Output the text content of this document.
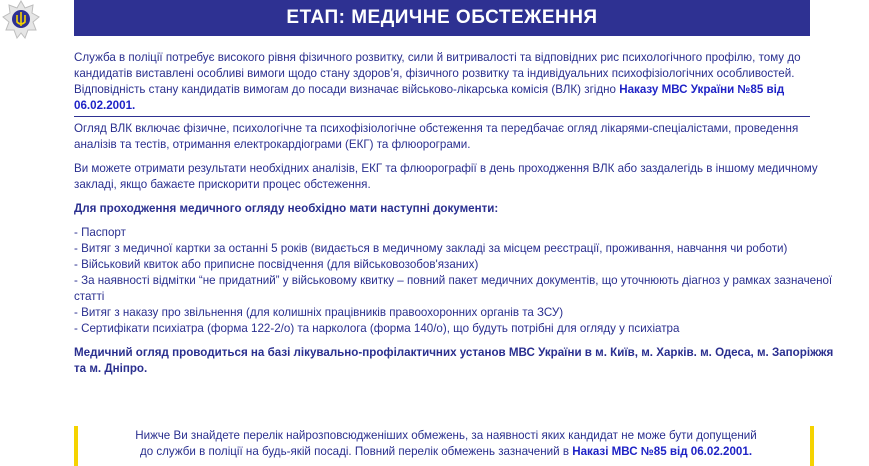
ЕТАП: МЕДИЧНЕ ОБСТЕЖЕННЯ

Служба в поліції потребує високого рівня фізичного розвитку, сили й витривалості та відповідних рис психологічного профілю, тому до кандидатів виставлені особливі вимоги щодо стану здоров’я, фізичного розвитку та індивідуальних психофізіологічних особливостей.

Відповідність стану кандидатів вимогам до посади визначає військово-лікарська комісія (ВЛК) згідно Наказу МВС України №85 від 06.02.2001.

Огляд ВЛК включає фізичне, психологічне та психофізіологічне обстеження та передбачає огляд лікарями-спеціалістами, проведення аналізів та тестів, отримання електрокардіограми (ЕКГ) та флюорограми.

Ви можете отримати результати необхідних аналізів, ЕКГ та флюорографії в день проходження ВЛК або заздалегідь в іншому медичному закладі, якщо бажаєте прискорити процес обстеження.

Для проходження медичного огляду необхідно мати наступні документи:

- Паспорт
- Витяг з медичної картки за останні 5 років (видається в медичному закладі за місцем реєстрації, проживання, навчання чи роботи)
- Військовий квиток або приписне посвідчення (для військовозобов'язаних)
- За наявності відмітки “не придатний” у військовому квитку – повний пакет медичних документів, що уточнюють діагноз у рамках зазначеної статті
- Витяг з наказу про звільнення (для колишніх працівників правоохоронних органів та ЗСУ)
- Сертифікати психіатра (форма 122-2/о) та нарколога (форма 140/о), що будуть потрібні для огляду у психіатра

Медичний огляд проводиться на базі лікувально-профілактичних установ МВС України в м. Київ, м. Харків. м. Одеса, м. Запоріжжя та м. Дніпро.

Нижче Ви знайдете перелік найрозповсюдженіших обмежень, за наявності яких кандидат не може бути допущений
до служби в поліції на будь-якій посаді. Повний перелік обмежень зазначений в Наказі МВС №85 від 06.02.2001.
